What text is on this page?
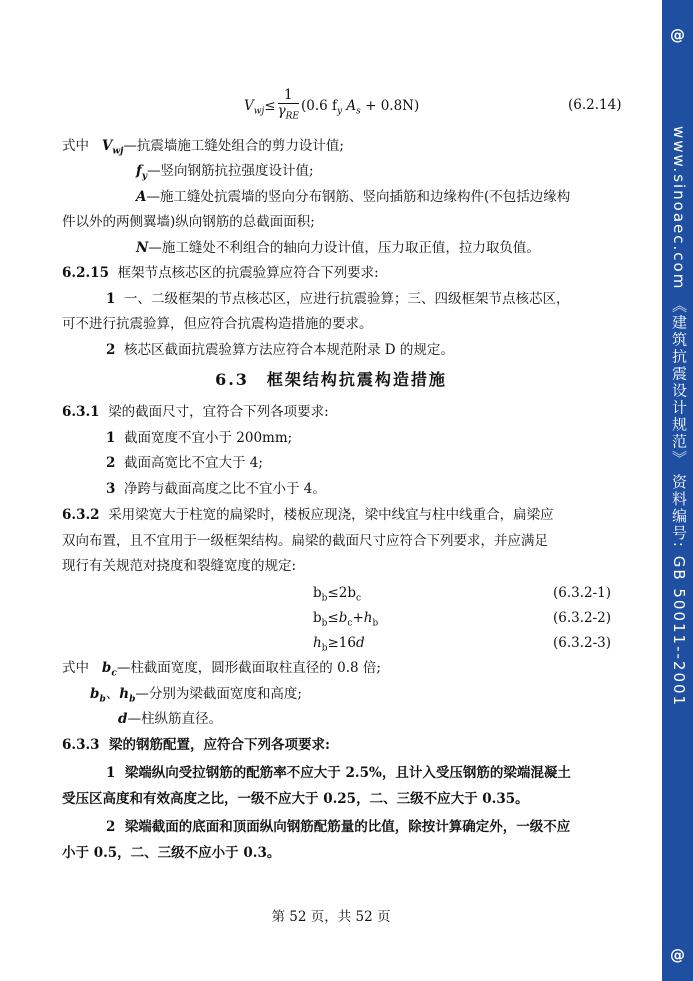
@
www.sinoaec.com 《建筑抗震设计规范》 资料编号: GB 50011--2001
@
$V_{wj}\le \frac{1}{\gamma_{RE}} (0.6$ $f_y$ $A_s + 0.8N$)	(6.2.14)
式中 $V_{wj}—$抗震墙施工缝处组合的剪力设计值;
$f_y—$竖向钢筋抗拉强度设计值;
A—施工缝处抗震墙的竖向分布钢筋、竖向插筋和边缘构件(不包括边缘构
件以外的两侧翼墙)纵向钢筋的总截面面积;
N—施工缝处不利组合的轴向力设计值，压力取正值，拉力取负值。
6.2.15 框架节点核芯区的抗震验算应符合下列要求:
1 一、二级框架的节点核芯区，应进行抗震验算；三、四级框架节点核芯区，
可不进行抗震验算，但应符合抗震构造措施的要求。
2 核芯区截面抗震验算方法应符合本规范附录 D 的规定。
6.3　框架结构抗震构造措施
6.3.1 梁的截面尺寸，宜符合下列各项要求:
1 截面宽度不宜小于 200mm;
2 截面高宽比不宜大于 4;
3 净跨与截面高度之比不宜小于 4。
6.3.2 采用梁宽大于柱宽的扁梁时，楼板应现浇，梁中线宜与柱中线重合，扁梁应
双向布置，且不宜用于一级框架结构。扁梁的截面尺寸应符合下列要求，并应满足
现行有关规范对挠度和裂缝宽度的规定:
$b_b\le 2b_c$	(6.3.2-1)
$b_b\le b_c+h_b$	(6.3.2-2)
$h_b\ge 16d$	(6.3.2-3)
式中 $b_c—$柱截面宽度，圆形截面取柱直径的 0.8 倍;
$b_b$、$h_b—$分别为梁截面宽度和高度;
d—柱纵筋直径。
6.3.3 梁的钢筋配置，应符合下列各项要求:
1 梁端纵向受拉钢筋的配筋率不应大于 2.5%，且计入受压钢筋的梁端混凝土
受压区高度和有效高度之比，一级不应大于 0.25，二、三级不应大于 0.35。
2 梁端截面的底面和顶面纵向钢筋配筋量的比值，除按计算确定外，一级不应
小于 0.5，二、三级不应小于 0.3。
第 52 页，共 52 页
